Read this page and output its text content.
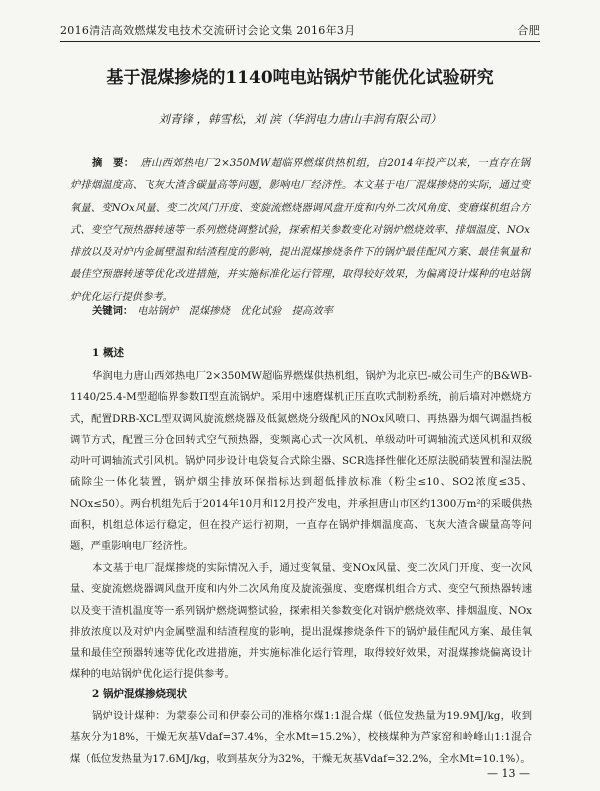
2016清洁高效燃煤发电技术交流研讨会论文集 2016年3月	合肥
基于混煤掺烧的1140吨电站锅炉节能优化试验研究
刘青锋 ，韩雪松，刘 滨（华润电力唐山丰润有限公司）
摘　要： 唐山西郊热电厂2×350MW超临界燃煤供热机组，自2014年投产以来，一直存在锅炉排烟温度高、飞灰大渣含碳量高等问题，影响电厂经济性。本文基于电厂混煤掺烧的实际，通过变氧量、变NOx风量、变二次风门开度、变旋流燃烧器调风盘开度和内外二次风角度、变磨煤机组合方式、变空气预热器转速等一系列燃烧调整试验，探索相关参数变化对锅炉燃烧效率、排烟温度、NOx排放以及对炉内金属壁温和结渣程度的影响，提出混煤掺烧条件下的锅炉最佳配风方案、最佳氧量和最佳空预器转速等优化改进措施，并实施标准化运行管理，取得较好效果，为偏离设计煤种的电站锅炉优化运行提供参考。
关键词： 电站锅炉　混煤掺烧　优化试验　提高效率
1 概述
华润电力唐山西郊热电厂2×350MW超临界燃煤供热机组，锅炉为北京巴-威公司生产的B&WB-1140/25.4-M型超临界参数Π型直流锅炉。采用中速磨煤机正压直吹式制粉系统，前后墙对冲燃烧方式，配置DRB-XCL型双调风旋流燃烧器及低氮燃烧分级配风的NOx风喷口、再热器为烟气调温挡板调节方式，配置三分仓回转式空气预热器，变频离心式一次风机、单级动叶可调轴流式送风机和双级动叶可调轴流式引风机。锅炉同步设计电袋复合式除尘器、SCR选择性催化还原法脱硝装置和湿法脱硫除尘一体化装置，锅炉烟尘排放环保指标达到超低排放标准（粉尘≤10、SO2浓度≤35、NOx≤50）。两台机组先后于2014年10月和12月投产发电，并承担唐山市区约1300万m²的采暖供热面积，机组总体运行稳定，但在投产运行初期，一直存在锅炉排烟温度高、飞灰大渣含碳量高等问题，严重影响电厂经济性。
本文基于电厂混煤掺烧的实际情况入手，通过变氧量、变NOx风量、变二次风门开度、变一次风量、变旋流燃烧器调风盘开度和内外二次风角度及旋流强度、变磨煤机组合方式、变空气预热器转速以及变干渣机温度等一系列锅炉燃烧调整试验，探索相关参数变化对锅炉燃烧效率、排烟温度、NOx排放浓度以及对炉内金属壁温和结渣程度的影响，提出混煤掺烧条件下的锅炉最佳配风方案、最佳氧量和最佳空预器转速等优化改进措施，并实施标准化运行管理，取得较好效果，对混煤掺烧偏离设计煤种的电站锅炉优化运行提供参考。
2 锅炉混煤掺烧现状
锅炉设计煤种：为蒙泰公司和伊泰公司的准格尔煤1:1混合煤（低位发热量为19.9MJ/kg，收到基灰分为18%，干燥无灰基Vdaf=37.4%，全水Mt=15.2%），校核煤种为芦家窑和岭峰山1:1混合煤（低位发热量为17.6MJ/kg，收到基灰分为32%，干燥无灰基Vdaf=32.2%，全水Mt=10.1%）。
— 13 —
